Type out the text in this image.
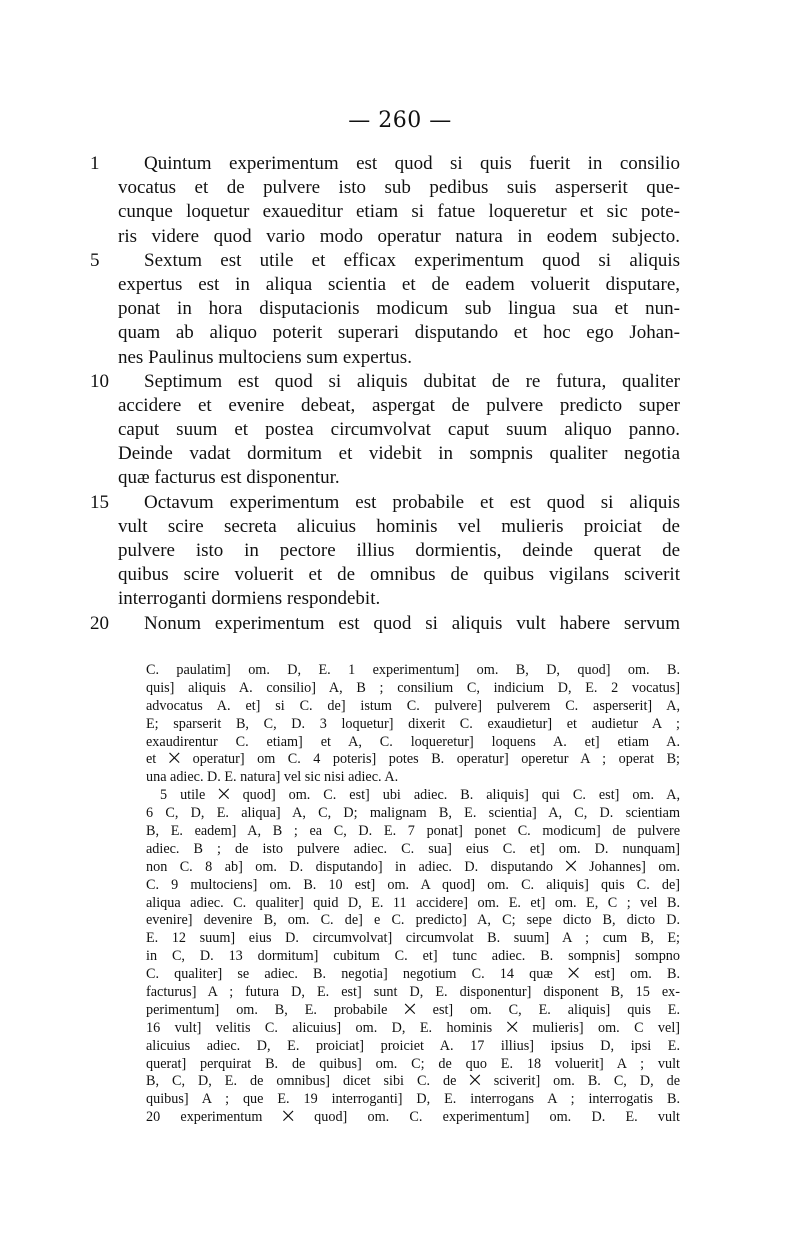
— 260 —
1	Quintum experimentum est quod si quis fuerit in consilio
vocatus et de pulvere isto sub pedibus suis asperserit que-
cunque loquetur exaueditur etiam si fatue loqueretur et sic pote-
ris videre quod vario modo operatur natura in eodem subjecto.
5	Sextum est utile et efficax experimentum quod si aliquis
expertus est in aliqua scientia et de eadem voluerit disputare,
ponat in hora disputacionis modicum sub lingua sua et nun-
quam ab aliquo poterit superari disputando et hoc ego Johan-
nes Paulinus multociens sum expertus.
10 Septimum est quod si aliquis dubitat de re futura, qualiter
accidere et evenire debeat, aspergat de pulvere predicto super
caput suum et postea circumvolvat caput suum aliquo panno.
Deinde vadat dormitum et videbit in sompnis qualiter negotia
quæ facturus est disponentur.
15 Octavum experimentum est probabile et est quod si aliquis
vult scire secreta alicuius hominis vel mulieris proiciat de
pulvere isto in pectore illius dormientis, deinde querat de
quibus scire voluerit et de omnibus de quibus vigilans sciverit
interroganti dormiens respondebit.
20 Nonum experimentum est quod si aliquis vult habere servum
C. paulatim] om. D, E. 1 experimentum] om. B, D, quod] om. B.
quis] aliquis A. consilio] A, B ; consilium C, indicium D, E. 2 vocatus]
advocatus A. et] si C. de] istum C. pulvere] pulverem C. asperserit] A,
E; sparserit B, C, D. 3 loquetur] dixerit C. exaudietur] et audietur A ;
exaudirentur C. etiam] et A, C. loqueretur] loquens A. et] etiam A.
et ⨉ operatur] om C. 4 poteris] potes B. operatur] operetur A ; operat B;
una adiec. D. E. natura] vel sic nisi adiec. A.
5 utile ⨉ quod] om. C. est] ubi adiec. B. aliquis] qui C. est] om. A,
6 C, D, E. aliqua] A, C, D; malignam B, E. scientia] A, C, D. scientiam
B, E. eadem] A, B ; ea C, D. E. 7 ponat] ponet C. modicum] de pulvere
adiec. B ; de isto pulvere adiec. C. sua] eius C. et] om. D. nunquam]
non C. 8 ab] om. D. disputando] in adiec. D. disputando ⨉ Johannes] om.
C. 9 multociens] om. B. 10 est] om. A quod] om. C. aliquis] quis C. de]
aliqua adiec. C. qualiter] quid D, E. 11 accidere] om. E. et] om. E, C ; vel B.
evenire] devenire B, om. C. de] e C. predicto] A, C; sepe dicto B, dicto D.
E. 12 suum] eius D. circumvolvat] circumvolat B. suum] A ; cum B, E;
in C, D. 13 dormitum] cubitum C. et] tunc adiec. B. sompnis] sompno
C. qualiter] se adiec. B. negotia] negotium C. 14 quæ ⨉ est] om. B.
facturus] A ; futura D, E. est] sunt D, E. disponentur] disponent B, 15 ex-
perimentum] om. B, E. probabile ⨉ est] om. C, E. aliquis] quis E.
16 vult] velitis C. alicuius] om. D, E. hominis ⨉ mulieris] om. C vel]
alicuius adiec. D, E. proiciat] proiciet A. 17 illius] ipsius D, ipsi E.
querat] perquirat B. de quibus] om. C; de quo E. 18 voluerit] A ; vult
B, C, D, E. de omnibus] dicet sibi C. de ⨉ sciverit] om. B. C, D, de
quibus] A ; que E. 19 interroganti] D, E. interrogans A ; interrogatis B.
20 experimentum ⨉ quod] om. C. experimentum] om. D. E. vult
